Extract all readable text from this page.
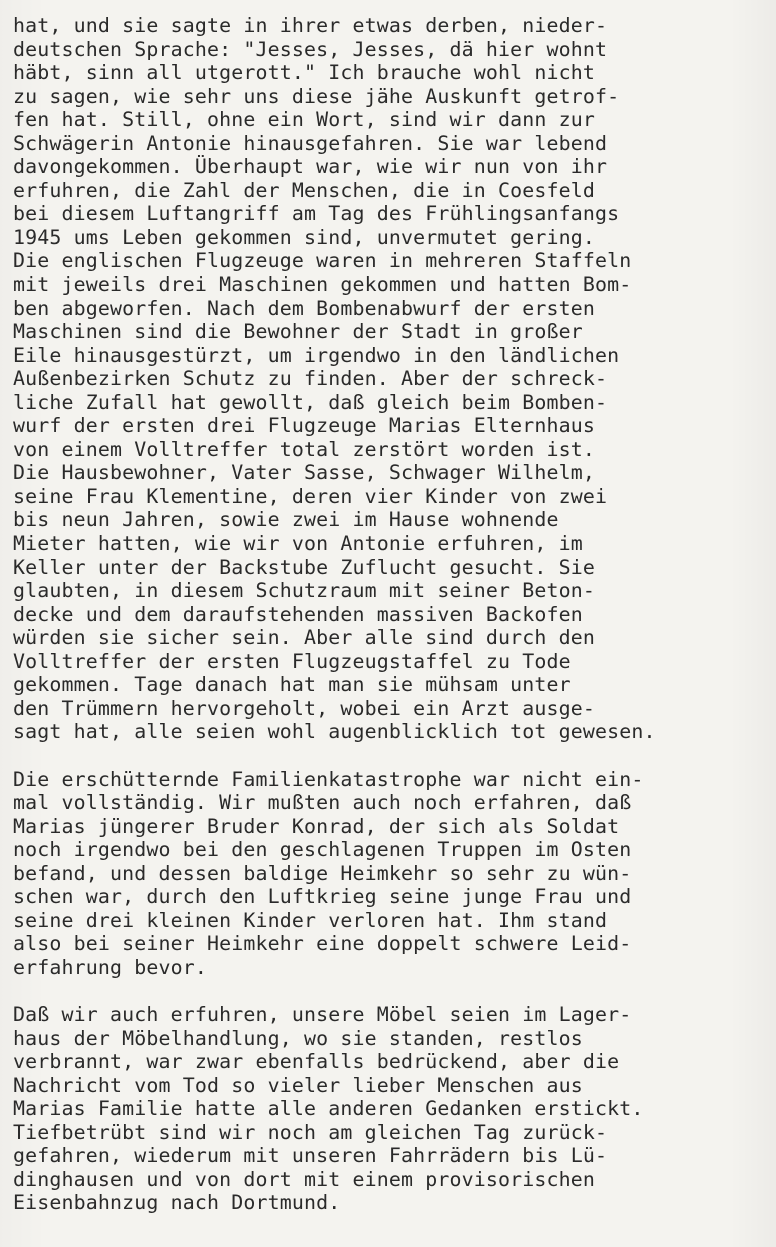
hat, und sie sagte in ihrer etwas derben, nieder-
deutschen Sprache: "Jesses, Jesses, dä hier wohnt
häbt, sinn all utgerott." Ich brauche wohl nicht
zu sagen, wie sehr uns diese jähe Auskunft getrof-
fen hat. Still, ohne ein Wort, sind wir dann zur
Schwägerin Antonie hinausgefahren. Sie war lebend
davongekommen. Überhaupt war, wie wir nun von ihr
erfuhren, die Zahl der Menschen, die in Coesfeld
bei diesem Luftangriff am Tag des Frühlingsanfangs
1945 ums Leben gekommen sind, unvermutet gering.
Die englischen Flugzeuge waren in mehreren Staffeln
mit jeweils drei Maschinen gekommen und hatten Bom-
ben abgeworfen. Nach dem Bombenabwurf der ersten
Maschinen sind die Bewohner der Stadt in großer
Eile hinausgestürzt, um irgendwo in den ländlichen
Außenbezirken Schutz zu finden. Aber der schreck-
liche Zufall hat gewollt, daß gleich beim Bomben-
wurf der ersten drei Flugzeuge Marias Elternhaus
von einem Volltreffer total zerstört worden ist.
Die Hausbewohner, Vater Sasse, Schwager Wilhelm,
seine Frau Klementine, deren vier Kinder von zwei
bis neun Jahren, sowie zwei im Hause wohnende
Mieter hatten, wie wir von Antonie erfuhren, im
Keller unter der Backstube Zuflucht gesucht. Sie
glaubten, in diesem Schutzraum mit seiner Beton-
decke und dem daraufstehenden massiven Backofen
würden sie sicher sein. Aber alle sind durch den
Volltreffer der ersten Flugzeugstaffel zu Tode
gekommen. Tage danach hat man sie mühsam unter
den Trümmern hervorgeholt, wobei ein Arzt ausge-
sagt hat, alle seien wohl augenblicklich tot gewesen.
Die erschütternde Familienkatastrophe war nicht ein-
mal vollständig. Wir mußten auch noch erfahren, daß
Marias jüngerer Bruder Konrad, der sich als Soldat
noch irgendwo bei den geschlagenen Truppen im Osten
befand, und dessen baldige Heimkehr so sehr zu wün-
schen war, durch den Luftkrieg seine junge Frau und
seine drei kleinen Kinder verloren hat. Ihm stand
also bei seiner Heimkehr eine doppelt schwere Leid-
erfahrung bevor.
Daß wir auch erfuhren, unsere Möbel seien im Lager-
haus der Möbelhandlung, wo sie standen, restlos
verbrannt, war zwar ebenfalls bedrückend, aber die
Nachricht vom Tod so vieler lieber Menschen aus
Marias Familie hatte alle anderen Gedanken erstickt.
Tiefbetrübt sind wir noch am gleichen Tag zurück-
gefahren, wiederum mit unseren Fahrrädern bis Lü-
dinghausen und von dort mit einem provisorischen
Eisenbahnzug nach Dortmund.
